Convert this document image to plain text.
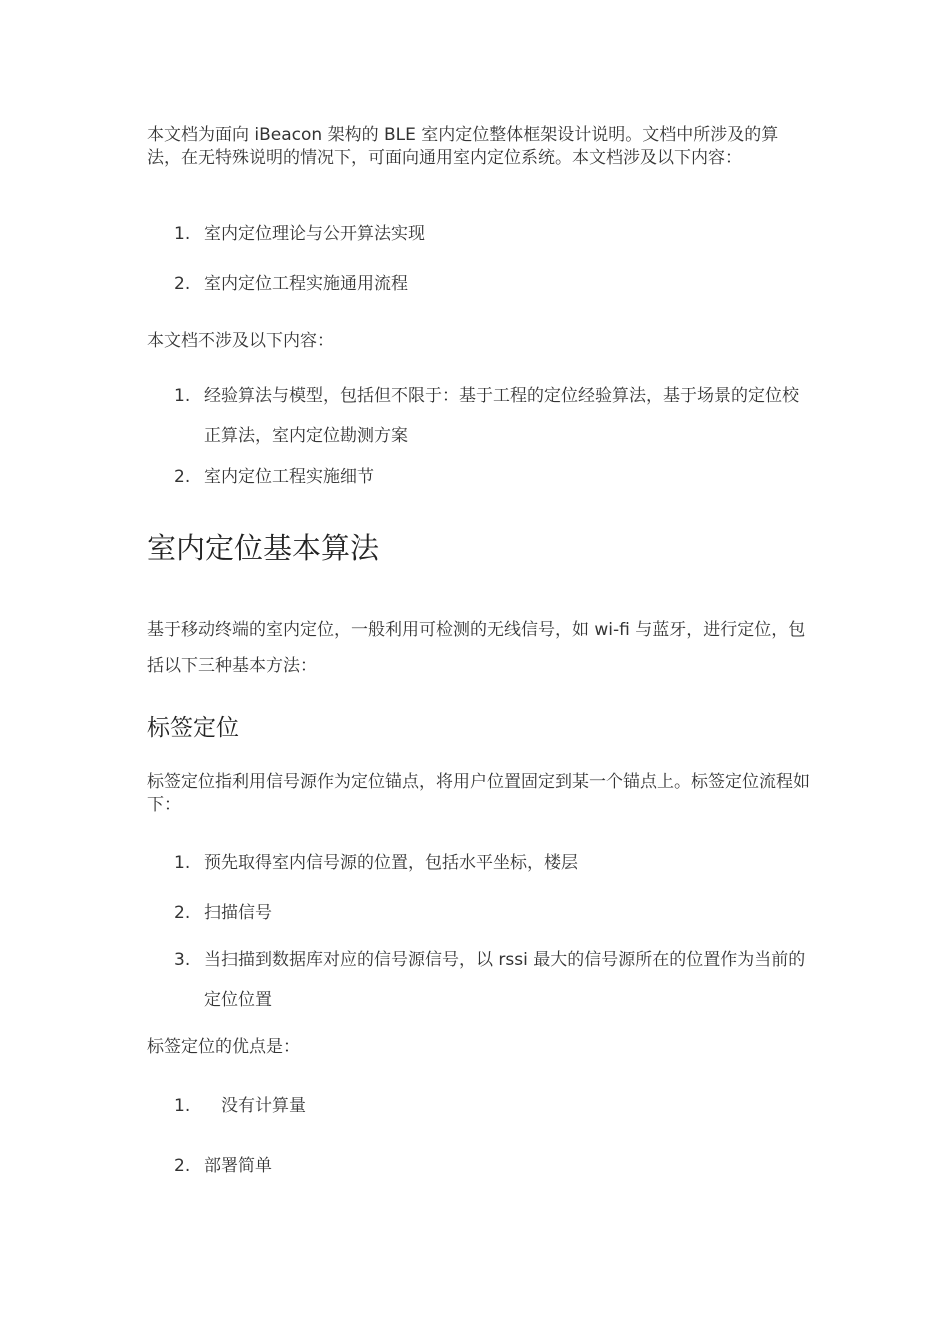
本文档为面向 iBeacon 架构的 BLE 室内定位整体框架设计说明。文档中所涉及的算法，在无特殊说明的情况下，可面向通用室内定位系统。本文档涉及以下内容：
1. 室内定位理论与公开算法实现
2. 室内定位工程实施通用流程
本文档不涉及以下内容：
1. 经验算法与模型，包括但不限于：基于工程的定位经验算法，基于场景的定位校正算法，室内定位勘测方案
2. 室内定位工程实施细节
室内定位基本算法
基于移动终端的室内定位，一般利用可检测的无线信号，如 wi-fi 与蓝牙，进行定位，包括以下三种基本方法：
标签定位
标签定位指利用信号源作为定位锚点，将用户位置固定到某一个锚点上。标签定位流程如下：
1. 预先取得室内信号源的位置，包括水平坐标，楼层
2. 扫描信号
3. 当扫描到数据库对应的信号源信号，以 rssi 最大的信号源所在的位置作为当前的定位位置
标签定位的优点是：
1.	没有计算量
2. 部署简单
